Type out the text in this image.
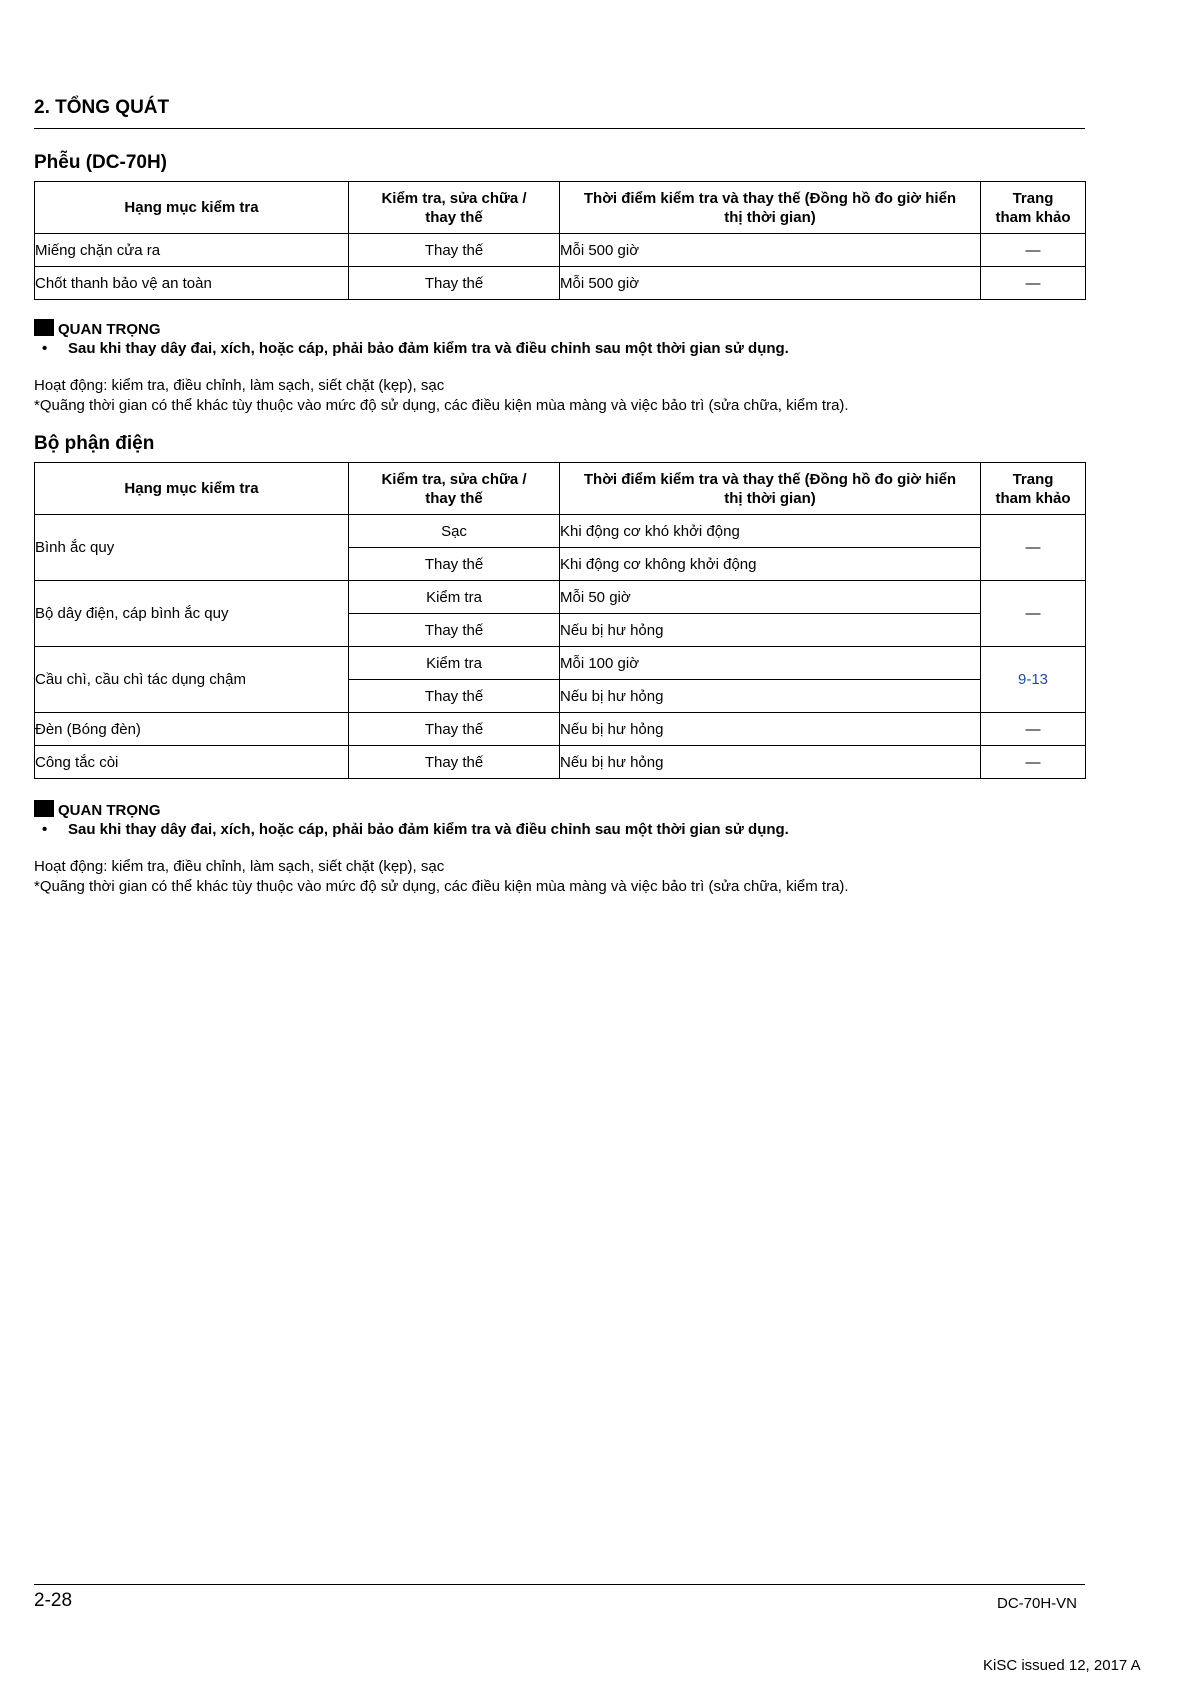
2. TỔNG QUÁT
Phễu (DC-70H)
Hạng mục kiểm tra	Kiểm tra, sửa chữa / thay thế	Thời điểm kiểm tra và thay thế (Đồng hồ đo giờ hiển thị thời gian)	Trang tham khảo
Miếng chặn cửa ra	Thay thế	Mỗi 500 giờ	—
Chốt thanh bảo vệ an toàn	Thay thế	Mỗi 500 giờ	—
QUAN TRỌNG
• Sau khi thay dây đai, xích, hoặc cáp, phải bảo đảm kiểm tra và điều chỉnh sau một thời gian sử dụng.
Hoạt động: kiểm tra, điều chỉnh, làm sạch, siết chặt (kẹp), sạc
*Quãng thời gian có thể khác tùy thuộc vào mức độ sử dụng, các điều kiện mùa màng và việc bảo trì (sửa chữa, kiểm tra).
Bộ phận điện
Hạng mục kiểm tra	Kiểm tra, sửa chữa / thay thế	Thời điểm kiểm tra và thay thế (Đồng hồ đo giờ hiển thị thời gian)	Trang tham khảo
Bình ắc quy	Sạc	Khi động cơ khó khởi động	—
	Thay thế	Khi động cơ không khởi động	
Bộ dây điện, cáp bình ắc quy	Kiểm tra	Mỗi 50 giờ	—
	Thay thế	Nếu bị hư hỏng	
Cầu chì, cầu chì tác dụng chậm	Kiểm tra	Mỗi 100 giờ	9-13
	Thay thế	Nếu bị hư hỏng	
Đèn (Bóng đèn)	Thay thế	Nếu bị hư hỏng	—
Công tắc còi	Thay thế	Nếu bị hư hỏng	—
QUAN TRỌNG
• Sau khi thay dây đai, xích, hoặc cáp, phải bảo đảm kiểm tra và điều chỉnh sau một thời gian sử dụng.
Hoạt động: kiểm tra, điều chỉnh, làm sạch, siết chặt (kẹp), sạc
*Quãng thời gian có thể khác tùy thuộc vào mức độ sử dụng, các điều kiện mùa màng và việc bảo trì (sửa chữa, kiểm tra).
2-28	DC-70H-VN
KiSC issued 12, 2017 A
